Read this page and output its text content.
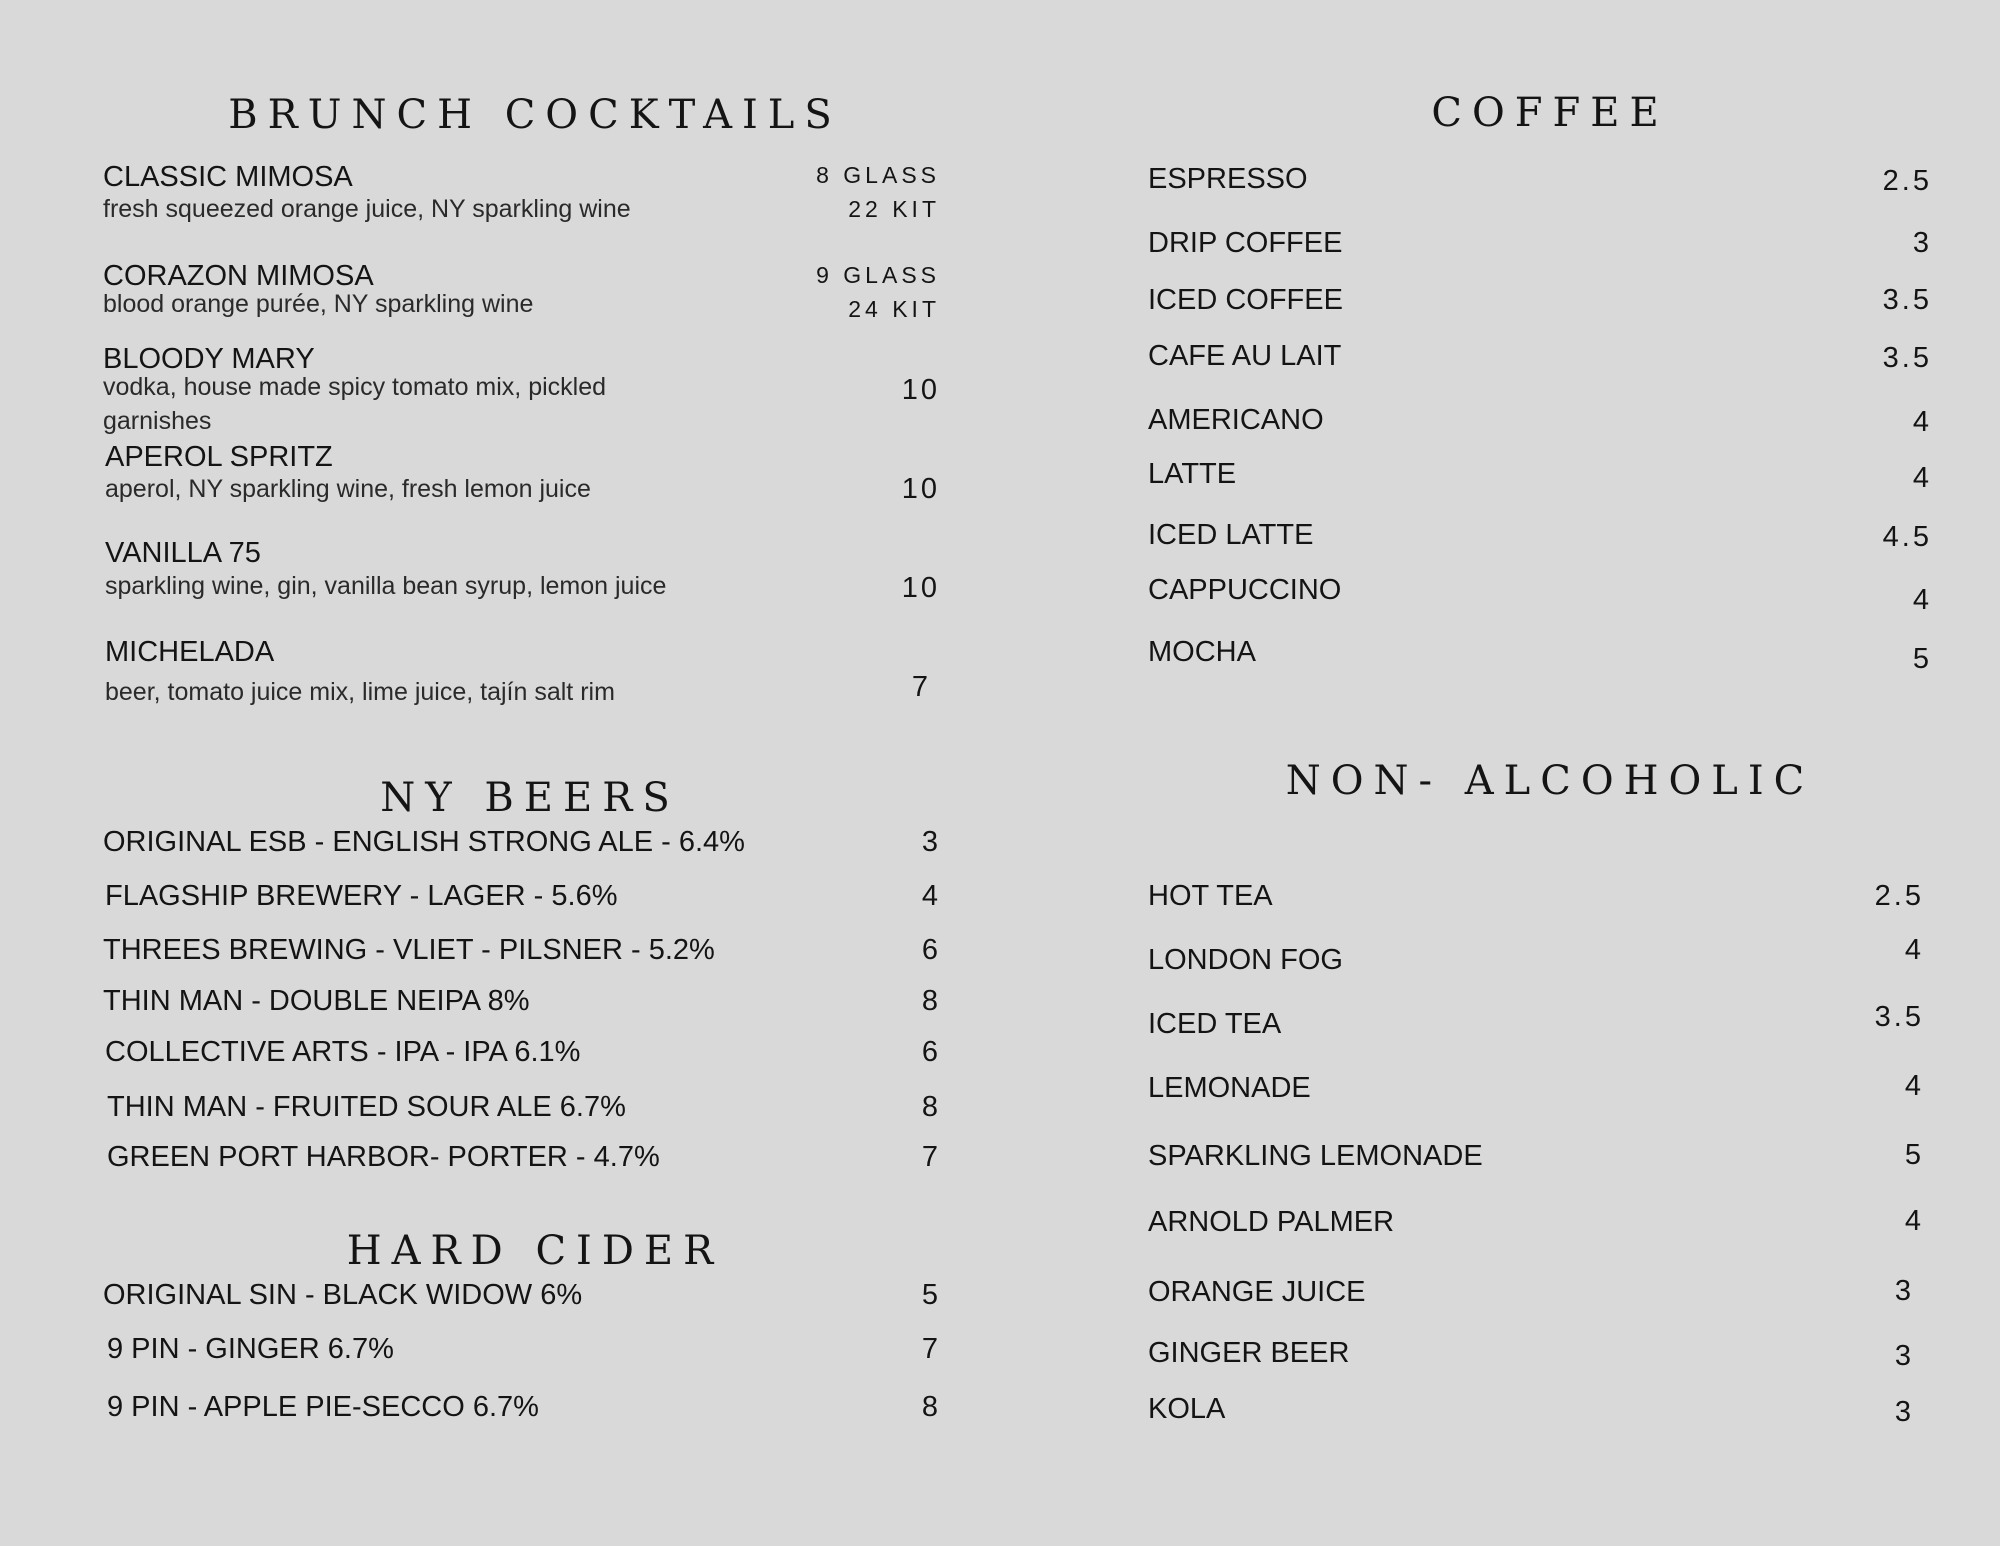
BRUNCH COCKTAILS
CLASSIC MIMOSA
fresh squeezed orange juice, NY sparkling wine
8 GLASS
22 KIT
CORAZON MIMOSA
blood orange purée, NY sparkling wine
9 GLASS
24 KIT
BLOODY MARY
vodka, house made spicy tomato mix, pickled
garnishes
10
APEROL SPRITZ
aperol, NY sparkling wine, fresh lemon juice	10
VANILLA 75
sparkling wine, gin, vanilla bean syrup, lemon juice	10
MICHELADA
beer, tomato juice mix, lime juice, tajín salt rim	7
NY BEERS
ORIGINAL ESB - ENGLISH STRONG ALE - 6.4%	3
FLAGSHIP BREWERY - LAGER - 5.6%	4
THREES BREWING - VLIET - PILSNER - 5.2%	6
THIN MAN - DOUBLE NEIPA 8%	8
COLLECTIVE ARTS - IPA - IPA 6.1%	6
THIN MAN - FRUITED SOUR ALE 6.7%	8
GREEN PORT HARBOR- PORTER - 4.7%	7
HARD CIDER
ORIGINAL SIN - BLACK WIDOW 6%	5
9 PIN - GINGER 6.7%	7
9 PIN - APPLE PIE-SECCO 6.7%	8
COFFEE
ESPRESSO	2.5
DRIP COFFEE	3
ICED COFFEE	3.5
CAFE AU LAIT	3.5
AMERICANO	4
LATTE	4
ICED LATTE	4.5
CAPPUCCINO	4
MOCHA	5
NON- ALCOHOLIC
HOT TEA	2.5
LONDON FOG	4
ICED TEA	3.5
LEMONADE	4
SPARKLING LEMONADE	5
ARNOLD PALMER	4
ORANGE JUICE	3
GINGER BEER	3
KOLA	3
